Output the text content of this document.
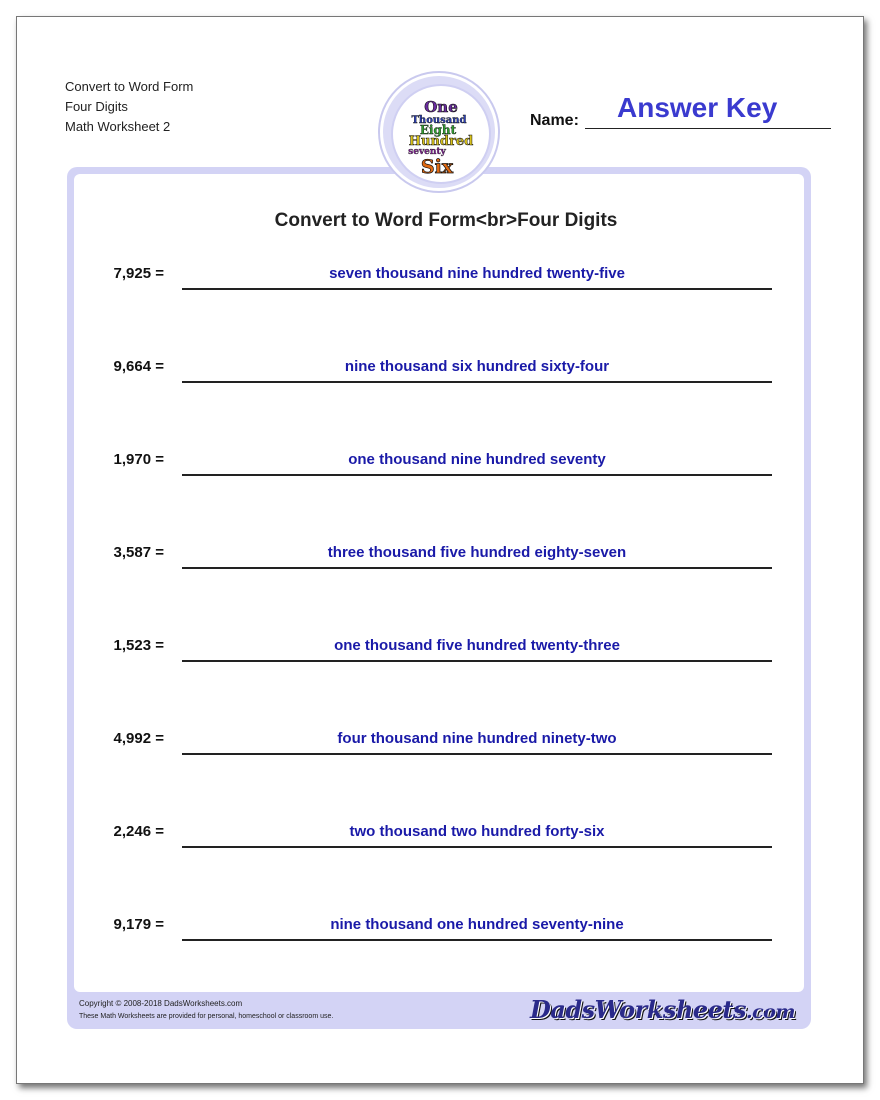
Convert to Word Form
Four Digits
Math Worksheet 2
One
Thousand
Eight
Hundred
seventy
Six
Answer Key
Name:
Convert to Word Form<br>Four Digits
7,925 =	seven thousand nine hundred twenty-five
9,664 =	nine thousand six hundred sixty-four
1,970 =	one thousand nine hundred seventy
3,587 =	three thousand five hundred eighty-seven
1,523 =	one thousand five hundred twenty-three
4,992 =	four thousand nine hundred ninety-two
2,246 =	two thousand two hundred forty-six
9,179 =	nine thousand one hundred seventy-nine
Copyright © 2008-2018 DadsWorksheets.com
These Math Worksheets are provided for personal, homeschool or classroom use.	DadsWorksheets.com
